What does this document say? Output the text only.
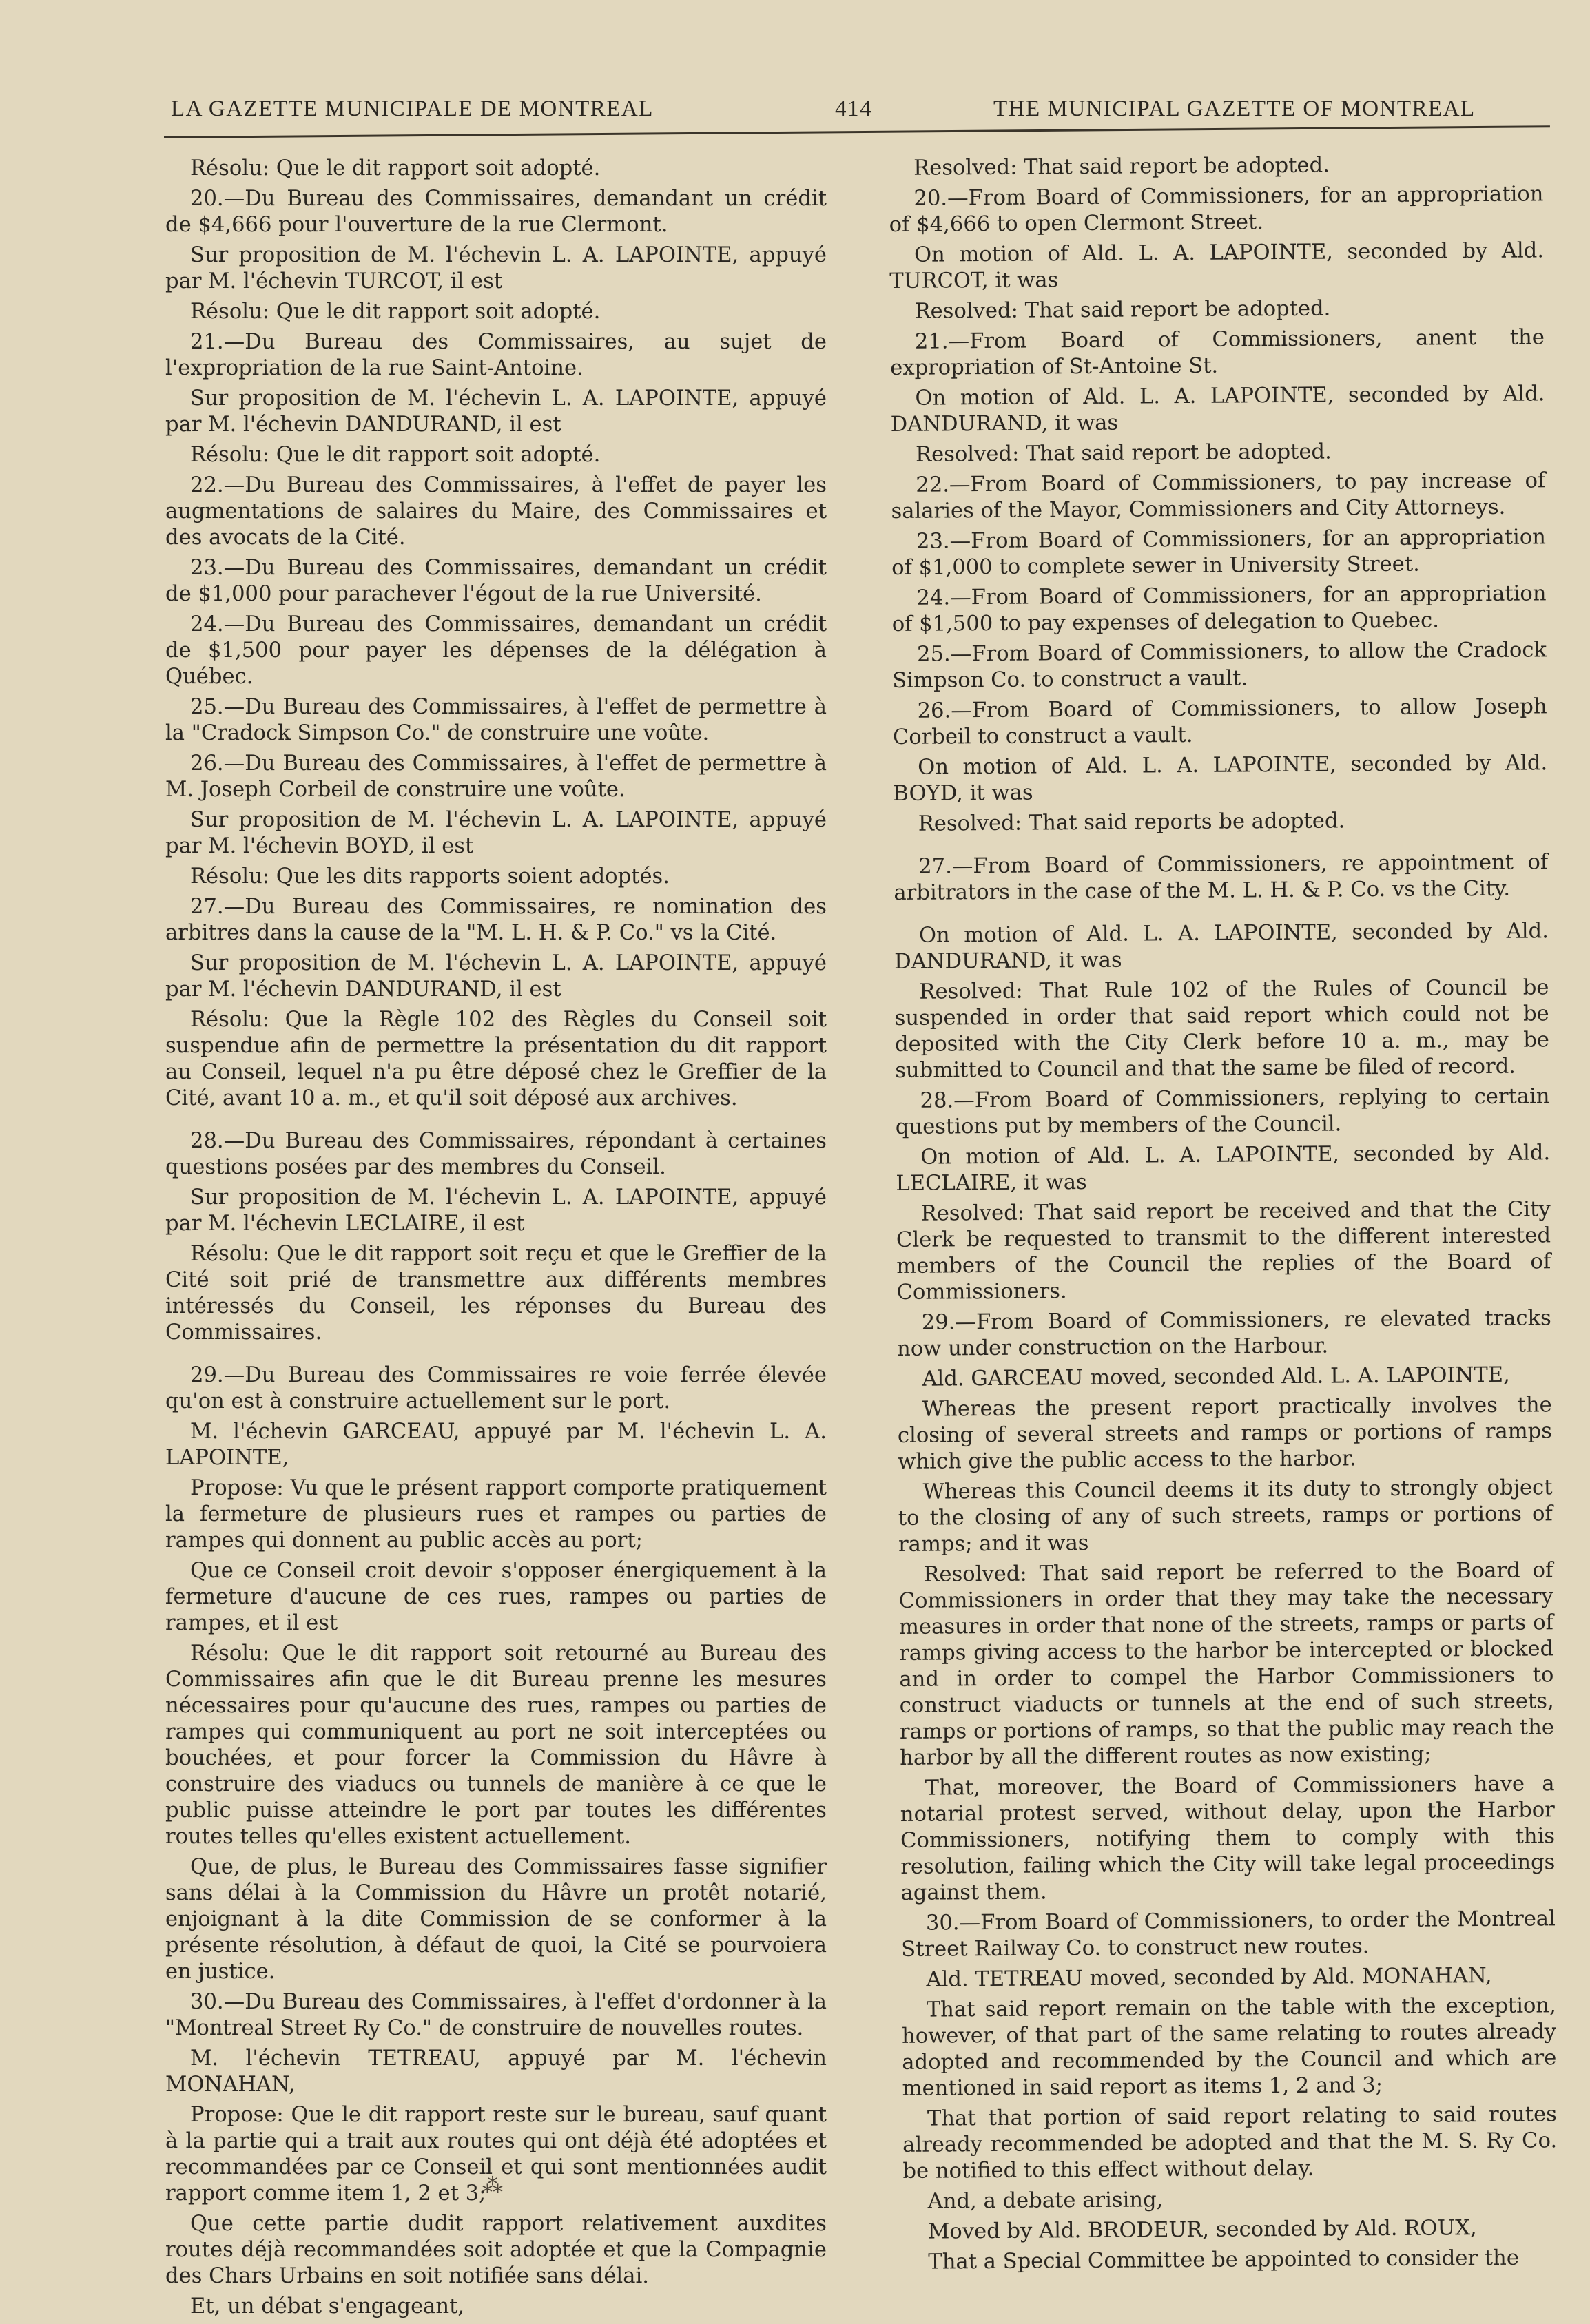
LA GAZETTE MUNICIPALE DE MONTREAL	414	THE MUNICIPAL GAZETTE OF MONTREAL

Résolu: Que le dit rapport soit adopté.

20.—Du Bureau des Commissaires, demandant un crédit de $4,666 pour l'ouverture de la rue Clermont.

Sur proposition de M. l'échevin L. A. LAPOINTE, appuyé par M. l'échevin TURCOT, il est

Résolu: Que le dit rapport soit adopté.

21.—Du Bureau des Commissaires, au sujet de l'expropriation de la rue Saint-Antoine.

Sur proposition de M. l'échevin L. A. LAPOINTE, appuyé par M. l'échevin DANDURAND, il est

Résolu: Que le dit rapport soit adopté.

22.—Du Bureau des Commissaires, à l'effet de payer les augmentations de salaires du Maire, des Commissaires et des avocats de la Cité.

23.—Du Bureau des Commissaires, demandant un crédit de $1,000 pour parachever l'égout de la rue Université.

24.—Du Bureau des Commissaires, demandant un crédit de $1,500 pour payer les dépenses de la délégation à Québec.

25.—Du Bureau des Commissaires, à l'effet de permettre à la "Cradock Simpson Co." de construire une voûte.

26.—Du Bureau des Commissaires, à l'effet de permettre à M. Joseph Corbeil de construire une voûte.

Sur proposition de M. l'échevin L. A. LAPOINTE, appuyé par M. l'échevin BOYD, il est

Résolu: Que les dits rapports soient adoptés.

27.—Du Bureau des Commissaires, re nomination des arbitres dans la cause de la "M. L. H. & P. Co." vs la Cité.

Sur proposition de M. l'échevin L. A. LAPOINTE, appuyé par M. l'échevin DANDURAND, il est

Résolu: Que la Règle 102 des Règles du Conseil soit suspendue afin de permettre la présentation du dit rapport au Conseil, lequel n'a pu être déposé chez le Greffier de la Cité, avant 10 a. m., et qu'il soit déposé aux archives.

28.—Du Bureau des Commissaires, répondant à certaines questions posées par des membres du Conseil.

Sur proposition de M. l'échevin L. A. LAPOINTE, appuyé par M. l'échevin LECLAIRE, il est

Résolu: Que le dit rapport soit reçu et que le Greffier de la Cité soit prié de transmettre aux différents membres intéressés du Conseil, les réponses du Bureau des Commissaires.

29.—Du Bureau des Commissaires re voie ferrée élevée qu'on est à construire actuellement sur le port.

M. l'échevin GARCEAU, appuyé par M. l'échevin L. A. LAPOINTE,

Propose: Vu que le présent rapport comporte pratiquement la fermeture de plusieurs rues et rampes ou parties de rampes qui donnent au public accès au port;

Que ce Conseil croit devoir s'opposer énergiquement à la fermeture d'aucune de ces rues, rampes ou parties de rampes, et il est

Résolu: Que le dit rapport soit retourné au Bureau des Commissaires afin que le dit Bureau prenne les mesures nécessaires pour qu'aucune des rues, rampes ou parties de rampes qui communiquent au port ne soit interceptées ou bouchées, et pour forcer la Commission du Hâvre à construire des viaducs ou tunnels de manière à ce que le public puisse atteindre le port par toutes les différentes routes telles qu'elles existent actuellement.

Que, de plus, le Bureau des Commissaires fasse signifier sans délai à la Commission du Hâvre un protêt notarié, enjoignant à la dite Commission de se conformer à la présente résolution, à défaut de quoi, la Cité se pourvoiera en justice.

30.—Du Bureau des Commissaires, à l'effet d'ordonner à la "Montreal Street Ry Co." de construire de nouvelles routes.

M. l'échevin TETREAU, appuyé par M. l'échevin MONAHAN,

Propose: Que le dit rapport reste sur le bureau, sauf quant à la partie qui a trait aux routes qui ont déjà été adoptées et recommandées par ce Conseil et qui sont mentionnées audit rapport comme item 1, 2 et 3;

Que cette partie dudit rapport relativement auxdites routes déjà recommandées soit adoptée et que la Compagnie des Chars Urbains en soit notifiée sans délai.

Et, un débat s'engageant,

Resolved: That said report be adopted.

20.—From Board of Commissioners, for an appropriation of $4,666 to open Clermont Street.

On motion of Ald. L. A. LAPOINTE, seconded by Ald. TURCOT, it was

Resolved: That said report be adopted.

21.—From Board of Commissioners, anent the expropriation of St-Antoine St.

On motion of Ald. L. A. LAPOINTE, seconded by Ald. DANDURAND, it was

Resolved: That said report be adopted.

22.—From Board of Commissioners, to pay increase of salaries of the Mayor, Commissioners and City Attorneys.

23.—From Board of Commissioners, for an appropriation of $1,000 to complete sewer in University Street.

24.—From Board of Commissioners, for an appropriation of $1,500 to pay expenses of delegation to Quebec.

25.—From Board of Commissioners, to allow the Cradock Simpson Co. to construct a vault.

26.—From Board of Commissioners, to allow Joseph Corbeil to construct a vault.

On motion of Ald. L. A. LAPOINTE, seconded by Ald. BOYD, it was

Resolved: That said reports be adopted.

27.—From Board of Commissioners, re appointment of arbitrators in the case of the M. L. H. & P. Co. vs the City.

On motion of Ald. L. A. LAPOINTE, seconded by Ald. DANDURAND, it was

Resolved: That Rule 102 of the Rules of Council be suspended in order that said report which could not be deposited with the City Clerk before 10 a. m., may be submitted to Council and that the same be filed of record.

28.—From Board of Commissioners, replying to certain questions put by members of the Council.

On motion of Ald. L. A. LAPOINTE, seconded by Ald. LECLAIRE, it was

Resolved: That said report be received and that the City Clerk be requested to transmit to the different interested members of the Council the replies of the Board of Commissioners.

29.—From Board of Commissioners, re elevated tracks now under construction on the Harbour.

Ald. GARCEAU moved, seconded Ald. L. A. LAPOINTE,

Whereas the present report practically involves the closing of several streets and ramps or portions of ramps which give the public access to the harbor.

Whereas this Council deems it its duty to strongly object to the closing of any of such streets, ramps or portions of ramps; and it was

Resolved: That said report be referred to the Board of Commissioners in order that they may take the necessary measures in order that none of the streets, ramps or parts of ramps giving access to the harbor be intercepted or blocked and in order to compel the Harbor Commissioners to construct viaducts or tunnels at the end of such streets, ramps or portions of ramps, so that the public may reach the harbor by all the different routes as now existing;

That, moreover, the Board of Commissioners have a notarial protest served, without delay, upon the Harbor Commissioners, notifying them to comply with this resolution, failing which the City will take legal proceedings against them.

30.—From Board of Commissioners, to order the Montreal Street Railway Co. to construct new routes.

Ald. TETREAU moved, seconded by Ald. MONAHAN,

That said report remain on the table with the exception, however, of that part of the same relating to routes already adopted and recommended by the Council and which are mentioned in said report as items 1, 2 and 3;

That that portion of said report relating to said routes already recommended be adopted and that the M. S. Ry Co. be notified to this effect without delay.

And, a debate arising,

Moved by Ald. BRODEUR, seconded by Ald. ROUX,

That a Special Committee be appointed to consider the

⁂
